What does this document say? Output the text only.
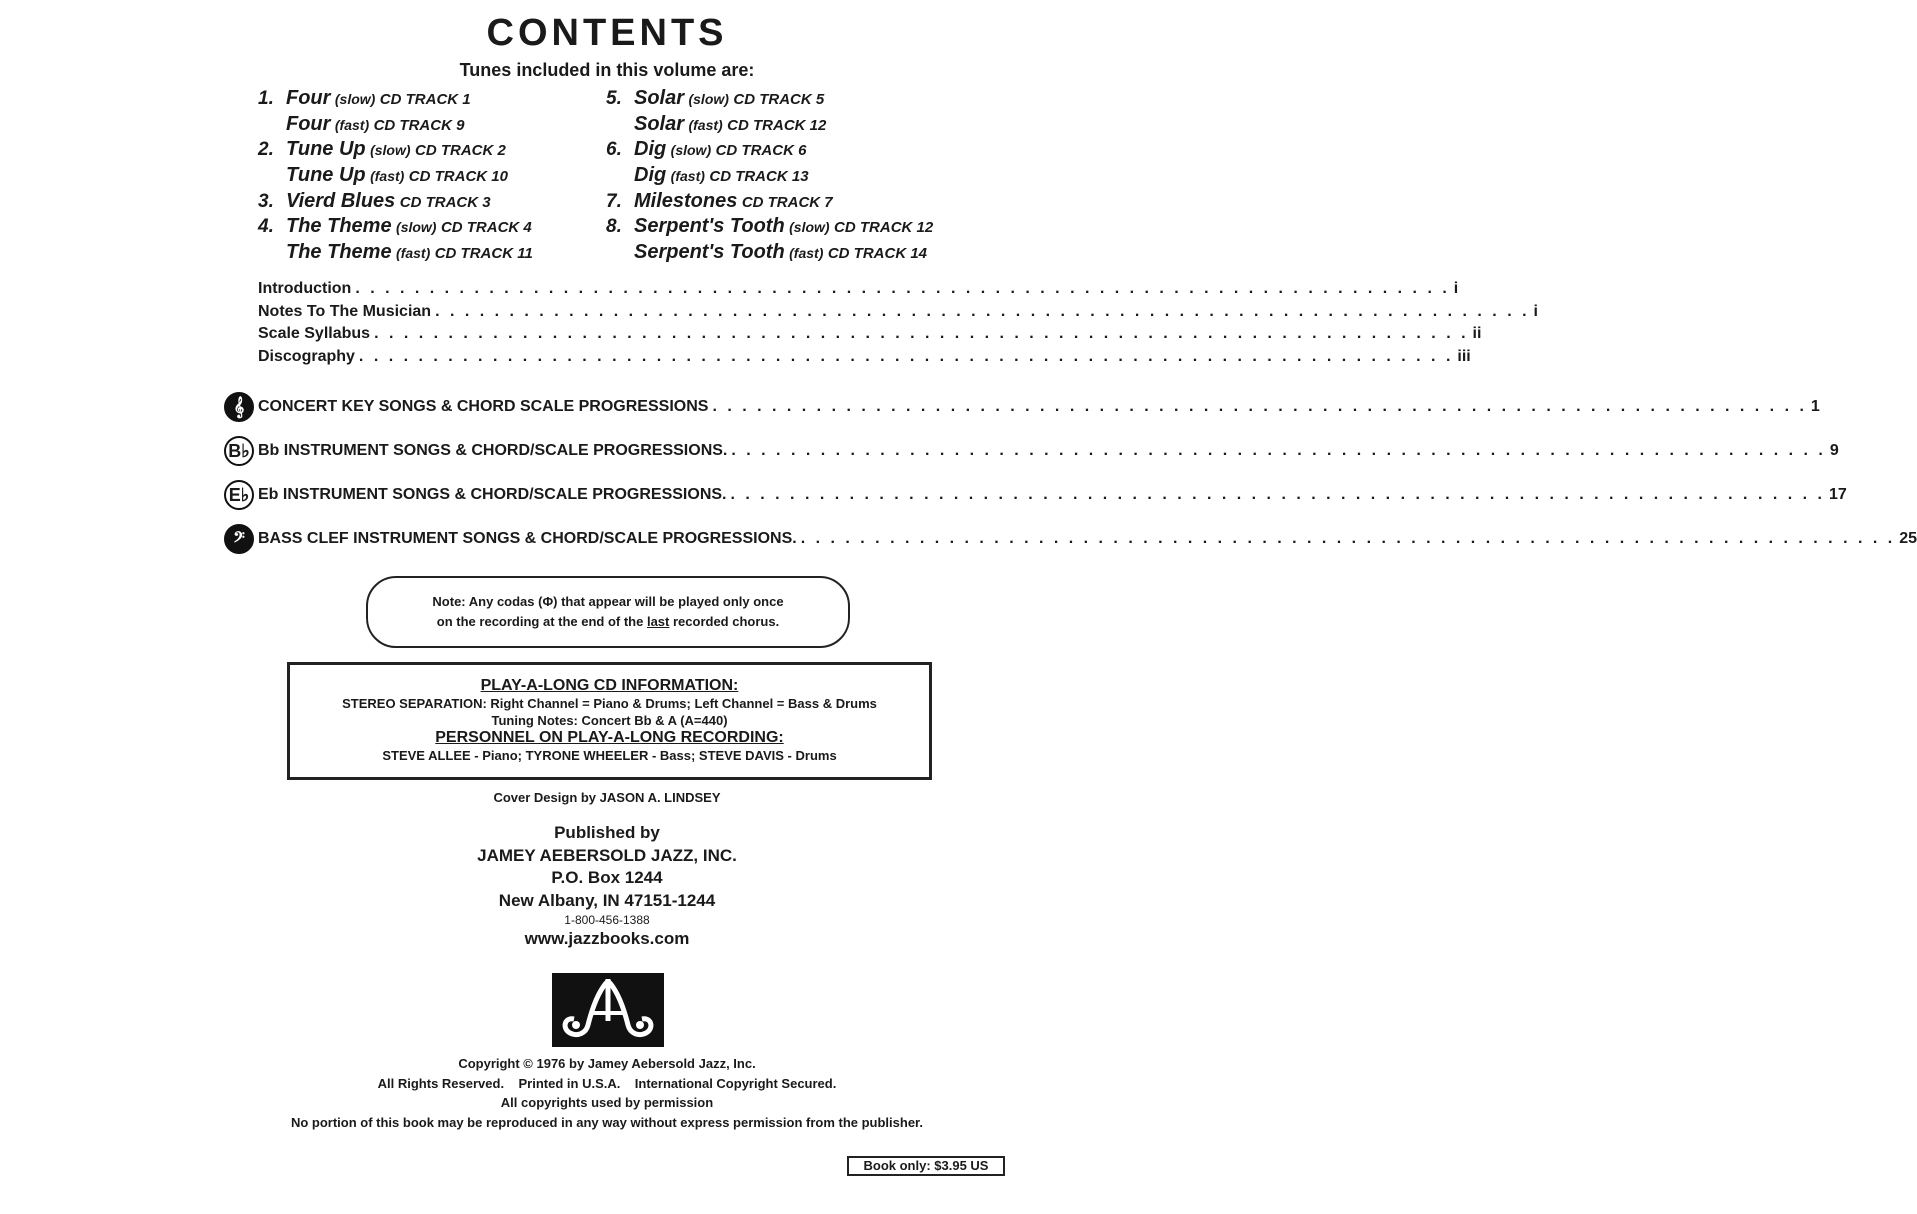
CONTENTS
Tunes included in this volume are:
1. Four (slow) CD TRACK 1
Four (fast) CD TRACK 9
2. Tune Up (slow) CD TRACK 2
Tune Up (fast) CD TRACK 10
3. Vierd Blues CD TRACK 3
4. The Theme (slow) CD TRACK 4
The Theme (fast) CD TRACK 11
5. Solar (slow) CD TRACK 5
Solar (fast) CD TRACK 12
6. Dig (slow) CD TRACK 6
Dig (fast) CD TRACK 13
7. Milestones CD TRACK 7
8. Serpent's Tooth (slow) CD TRACK 12
Serpent's Tooth (fast) CD TRACK 14
Introduction . . . . . . . . . . . . . . . . . . . . . . . . . . . . . . . . . . . . . . . . . . . . . . . . . . . . . . . . . . . . . . . . . . . . . . . . . . i
Notes To The Musician . . . . . . . . . . . . . . . . . . . . . . . . . . . . . . . . . . . . . . . . . . . . . . . . . . . . . . . . . . . . . . . . . . . . . . . . . . i
Scale Syllabus . . . . . . . . . . . . . . . . . . . . . . . . . . . . . . . . . . . . . . . . . . . . . . . . . . . . . . . . . . . . . . . . . . . . . . . . . . ii
Discography . . . . . . . . . . . . . . . . . . . . . . . . . . . . . . . . . . . . . . . . . . . . . . . . . . . . . . . . . . . . . . . . . . . . . . . . . . iii
𝄞 CONCERT KEY SONGS & CHORD SCALE PROGRESSIONS . . . . . . . . . . . . . . . . . . . . . . . . . . . . . . . . . . . . . . . . . . . . . . . . . . . . . . . . . . . . . . . . . . . . . . . . . . 1
B♭ Bb INSTRUMENT SONGS & CHORD/SCALE PROGRESSIONS. . . . . . . . . . . . . . . . . . . . . . . . . . . . . . . . . . . . . . . . . . . . . . . . . . . . . . . . . . . . . . . . . . . . . . . . . . . 9
E♭ Eb INSTRUMENT SONGS & CHORD/SCALE PROGRESSIONS. . . . . . . . . . . . . . . . . . . . . . . . . . . . . . . . . . . . . . . . . . . . . . . . . . . . . . . . . . . . . . . . . . . . . . . . . . . 17
𝄢 BASS CLEF INSTRUMENT SONGS & CHORD/SCALE PROGRESSIONS. . . . . . . . . . . . . . . . . . . . . . . . . . . . . . . . . . . . . . . . . . . . . . . . . . . . . . . . . . . . . . . . . . . . . . . . . . . 25
Note: Any codas (Φ) that appear will be played only once
on the recording at the end of the last recorded chorus.
PLAY-A-LONG CD INFORMATION:
STEREO SEPARATION: Right Channel = Piano & Drums; Left Channel = Bass & Drums
Tuning Notes: Concert Bb & A (A=440)
PERSONNEL ON PLAY-A-LONG RECORDING:
STEVE ALLEE - Piano; TYRONE WHEELER - Bass; STEVE DAVIS - Drums
Cover Design by JASON A. LINDSEY
Published by
JAMEY AEBERSOLD JAZZ, INC.
P.O. Box 1244
New Albany, IN 47151-1244
1-800-456-1388
www.jazzbooks.com
Copyright © 1976 by Jamey Aebersold Jazz, Inc.
All Rights Reserved.    Printed in U.S.A.    International Copyright Secured.
All copyrights used by permission
No portion of this book may be reproduced in any way without express permission from the publisher.
Book only: $3.95 US
